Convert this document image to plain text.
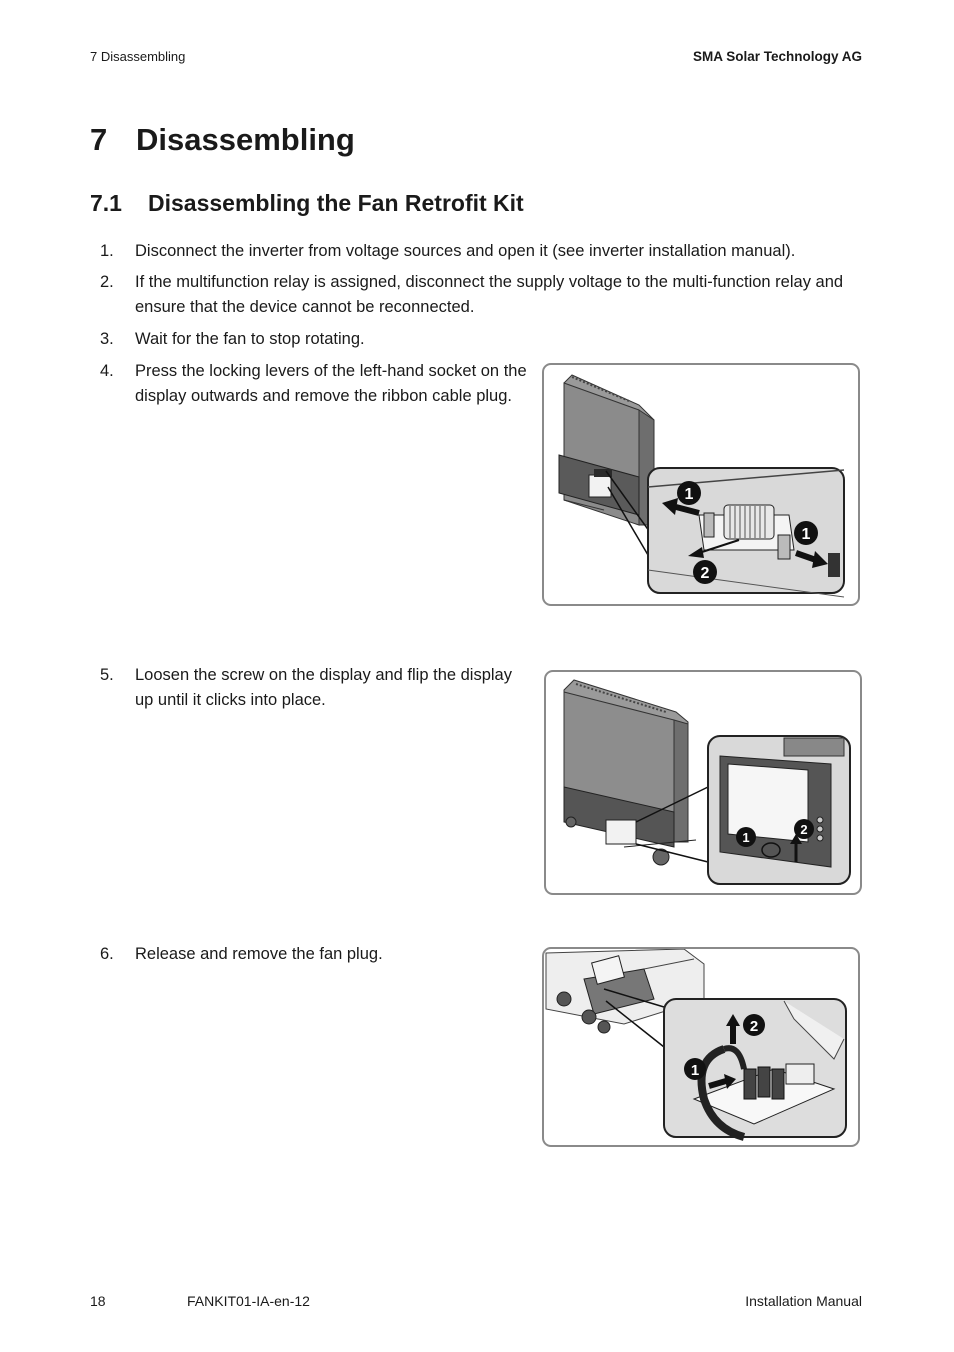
7 Disassembling	SMA Solar Technology AG
7 Disassembling
7.1 Disassembling the Fan Retrofit Kit
1.	Disconnect the inverter from voltage sources and open it (see inverter installation manual).
2.	If the multifunction relay is assigned, disconnect the supply voltage to the multi-function relay and ensure that the device cannot be reconnected.
3.	Wait for the fan to stop rotating.
4.	Press the locking levers of the left-hand socket on the display outwards and remove the ribbon cable plug.
5.	Loosen the screw on the display and flip the display up until it clicks into place.
6.	Release and remove the fan plug.
1
1
2
1
2
2
1
18	FANKIT01-IA-en-12	Installation Manual
